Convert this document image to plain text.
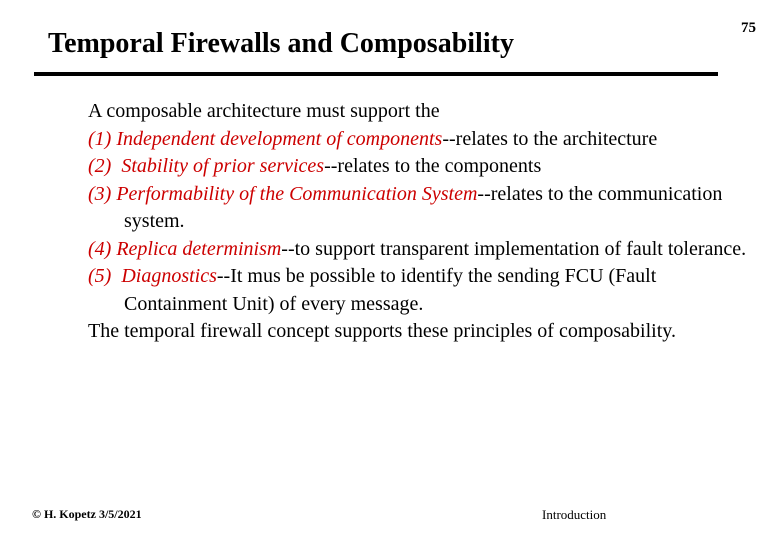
75
Temporal Firewalls and Composability

A composable architecture must support the

(1) Independent development of components--relates to the architecture

(2) Stability of prior services--relates to the components

(3) Performability of the Communication System--relates to the communication system.

(4) Replica determinism--to support transparent implementation of fault tolerance.

(5) Diagnostics--It mus be possible to identify the sending FCU (Fault Containment Unit) of every message.

The temporal firewall concept supports these principles of composability.

© H. Kopetz 3/5/2021	Introduction
